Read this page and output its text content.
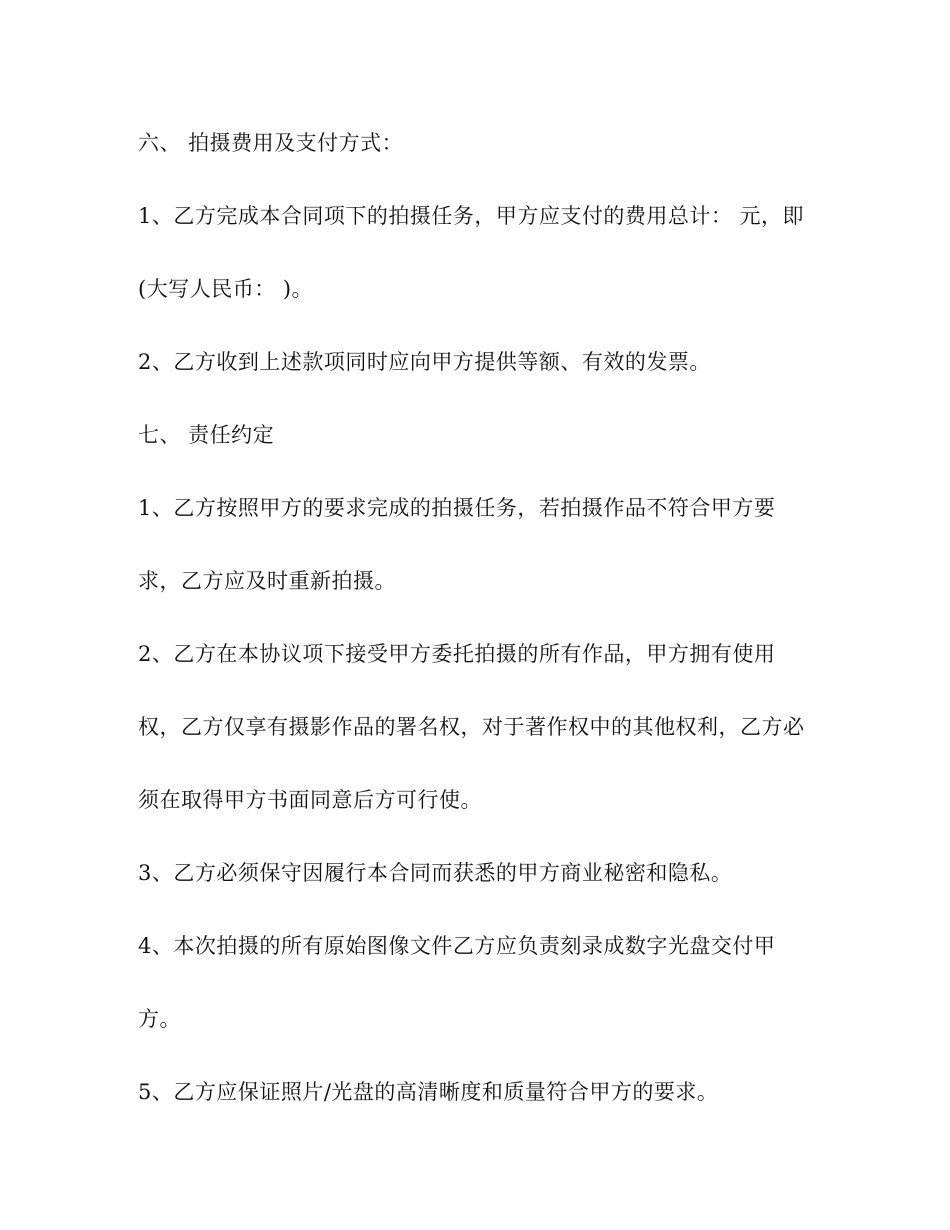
六、 拍摄费用及支付方式：

1、乙方完成本合同项下的拍摄任务，甲方应支付的费用总计： 元，即

(大写人民币： )。

2、乙方收到上述款项同时应向甲方提供等额、有效的发票。

七、 责任约定

1、乙方按照甲方的要求完成的拍摄任务，若拍摄作品不符合甲方要

求，乙方应及时重新拍摄。

2、乙方在本协议项下接受甲方委托拍摄的所有作品，甲方拥有使用

权，乙方仅享有摄影作品的署名权，对于著作权中的其他权利，乙方必

须在取得甲方书面同意后方可行使。

3、乙方必须保守因履行本合同而获悉的甲方商业秘密和隐私。

4、本次拍摄的所有原始图像文件乙方应负责刻录成数字光盘交付甲

方。

5、乙方应保证照片/光盘的高清晰度和质量符合甲方的要求。
